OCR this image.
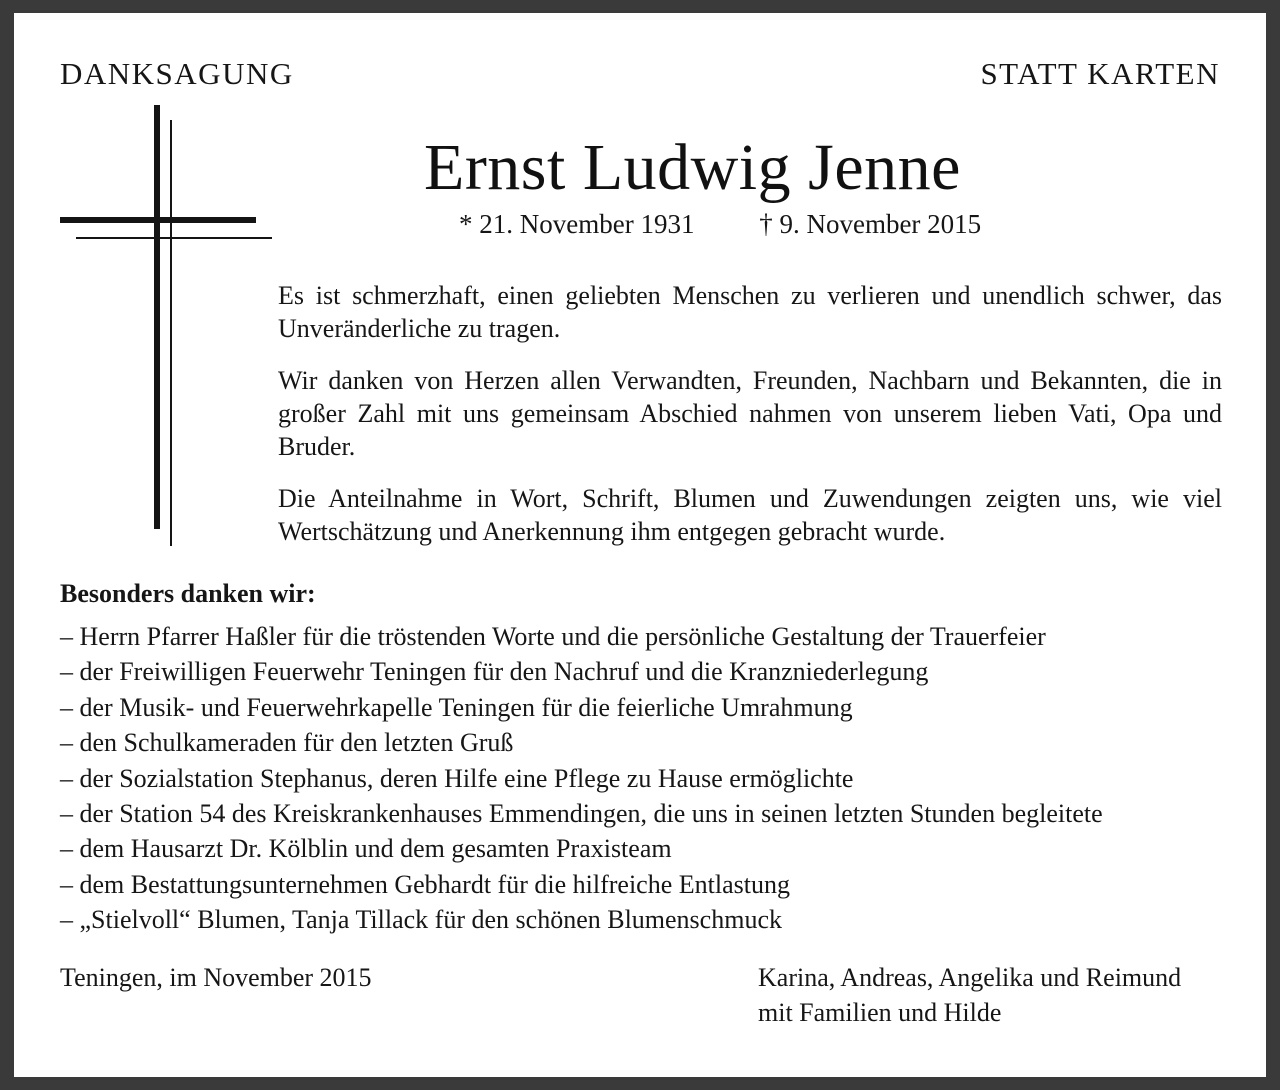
DANKSAGUNG	STATT KARTEN
Ernst Ludwig Jenne
* 21. November 1931 † 9. November 2015
Es ist schmerzhaft, einen geliebten Menschen zu verlieren und unendlich schwer, das Unveränderliche zu tragen.
Wir danken von Herzen allen Verwandten, Freunden, Nachbarn und Bekannten, die in großer Zahl mit uns gemeinsam Abschied nahmen von unserem lieben Vati, Opa und Bruder.
Die Anteilnahme in Wort, Schrift, Blumen und Zuwendungen zeigten uns, wie viel Wertschätzung und Anerkennung ihm entgegen gebracht wurde.
Besonders danken wir:
– Herrn Pfarrer Haßler für die tröstenden Worte und die persönliche Gestaltung der Trauerfeier
– der Freiwilligen Feuerwehr Teningen für den Nachruf und die Kranzniederlegung
– der Musik- und Feuerwehrkapelle Teningen für die feierliche Umrahmung
– den Schulkameraden für den letzten Gruß
– der Sozialstation Stephanus, deren Hilfe eine Pflege zu Hause ermöglichte
– der Station 54 des Kreiskrankenhauses Emmendingen, die uns in seinen letzten Stunden begleitete
– dem Hausarzt Dr. Kölblin und dem gesamten Praxisteam
– dem Bestattungsunternehmen Gebhardt für die hilfreiche Entlastung
– „Stielvoll“ Blumen, Tanja Tillack für den schönen Blumenschmuck
Teningen, im November 2015	Karina, Andreas, Angelika und Reimund
mit Familien und Hilde
